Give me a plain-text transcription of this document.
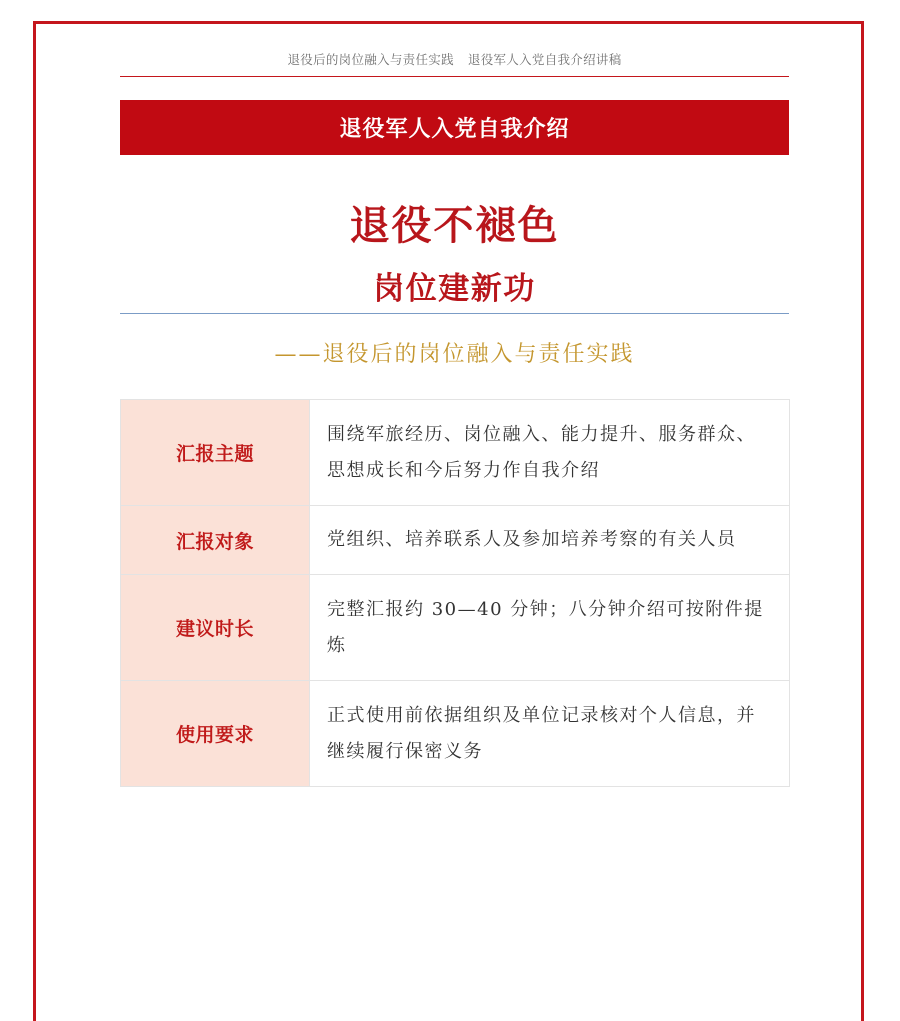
退役后的岗位融入与责任实践 退役军人入党自我介绍讲稿
退役军人入党自我介绍
退役不褪色
岗位建新功
——退役后的岗位融入与责任实践
汇报主题	围绕军旅经历、岗位融入、能力提升、服务群众、思想成长和今后努力作自我介绍
汇报对象	党组织、培养联系人及参加培养考察的有关人员
建议时长	完整汇报约 30—40 分钟；八分钟介绍可按附件提炼
使用要求	正式使用前依据组织及单位记录核对个人信息，并继续履行保密义务
